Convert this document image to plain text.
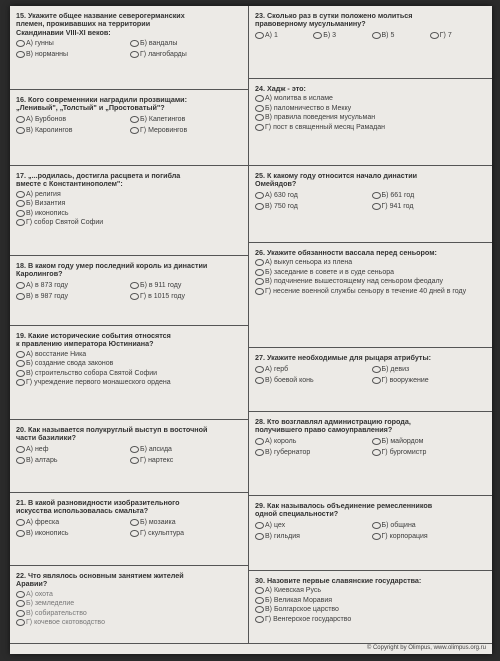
15. Укажите общее название северогерманских
племен, проживавших на территории
Скандинавии VIII-XI веков:
А) гунны	Б) вандалы
В) норманны	Г) лангобарды
16. Кого современники наградили прозвищами:
„Ленивый", „Толстый" и „Простоватый"?
А) Бурбонов	Б) Капетингов
В) Каролингов	Г) Меровингов
17. „...родилась, достигла расцвета и погибла
вместе с Константинополем":
А) религия
Б) Византия
В) иконопись
Г) собор Святой Софии
18. В каком году умер последний король из династии
Каролингов?
А) в 873 году	Б) в 911 году
В) в 987 году	Г) в 1015 году
19. Какие исторические события относятся
к правлению императора Юстиниана?
А) восстание Ника
Б) создание свода законов
В) строительство собора Святой Софии
Г) учреждение первого монашеского ордена
20. Как называется полукруглый выступ в восточной
части базилики?
А) неф	Б) апсида
В) алтарь	Г) нартекс
21. В какой разновидности изобразительного
искусства использовалась смальта?
А) фреска	Б) мозаика
В) иконопись	Г) скульптура
22. Что являлось основным занятием жителей
Аравии?
А) охота
Б) земледелие
В) собирательство
Г) кочевое скотоводство
23. Сколько раз в сутки положено молиться
правоверному мусульманину?
А) 1	Б) 3	В) 5	Г) 7
24. Хадж - это:
А) молитва в исламе
Б) паломничество в Мекку
В) правила поведения мусульман
Г) пост в священный месяц Рамадан
25. К какому году относится начало династии
Омейядов?
А) 630 год	Б) 661 год
В) 750 год	Г) 941 год
26. Укажите обязанности вассала перед сеньором:
А) выкуп сеньора из плена
Б) заседание в совете и в суде сеньора
В) подчинение вышестоящему над сеньором феодалу
Г) несение военной службы сеньору в течение 40 дней в году
27. Укажите необходимые для рыцаря атрибуты:
А) герб	Б) девиз
В) боевой конь	Г) вооружение
28. Кто возглавлял администрацию города,
получившего право самоуправления?
А) король	Б) майордом
В) губернатор	Г) бургомистр
29. Как называлось объединение ремесленников
одной специальности?
А) цех	Б) община
В) гильдия	Г) корпорация
30. Назовите первые славянские государства:
А) Киевская Русь
Б) Великая Моравия
В) Болгарское царство
Г) Венгерское государство
© Copyright by Olimpus, www.olimpus.org.ru
